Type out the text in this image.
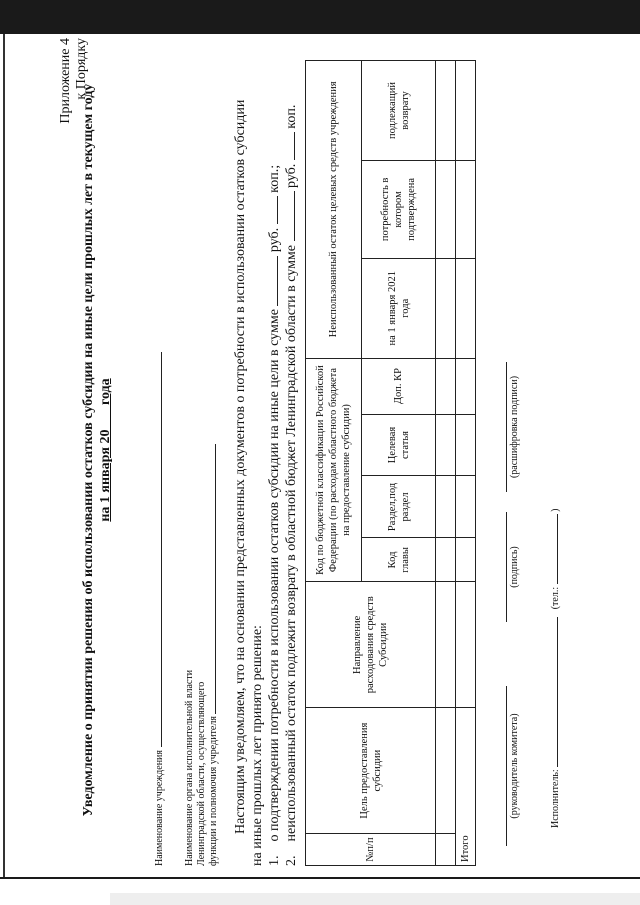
Приложение 4 к Порядку
Уведомление о принятии решения об использовании остатков субсидии на иные цели прошлых лет в текущем году на 1 января 20___ года
Наименование учреждения Наименование органа исполнительной власти Ленинградской области, осуществляющего функции и полномочия учредителя Настоящим уведомляем, что на основании представленных документов о потребности в использовании остатков субсидии на иные прошлых лет принято решение: 1.    о подтверждении потребности в использовании остатков субсидии на иные цели в сумме  руб.  коп.;
2.    неиспользованный остаток подлежит возврату в областной бюджет Ленинградской области в сумме  руб.  коп.
№п/п	Цель предоставления субсидии	Направление расходования средств Субсидии	Код по бюджетной классификации Российской Федерации (по расходам областного бюджета на предоставление субсидии)				Неиспользованный остаток целевых средств учреждения		
			Код главы	Раздел,под раздел	Целевая статья	Доп. КР	на 1 января 2021 года	потребность в котором подтверждена	подлежащий возврату

Итого									
(руководитель комитета)
(подпись)
(расшифровка подписи)
Исполнитель:    (тел.:  )
